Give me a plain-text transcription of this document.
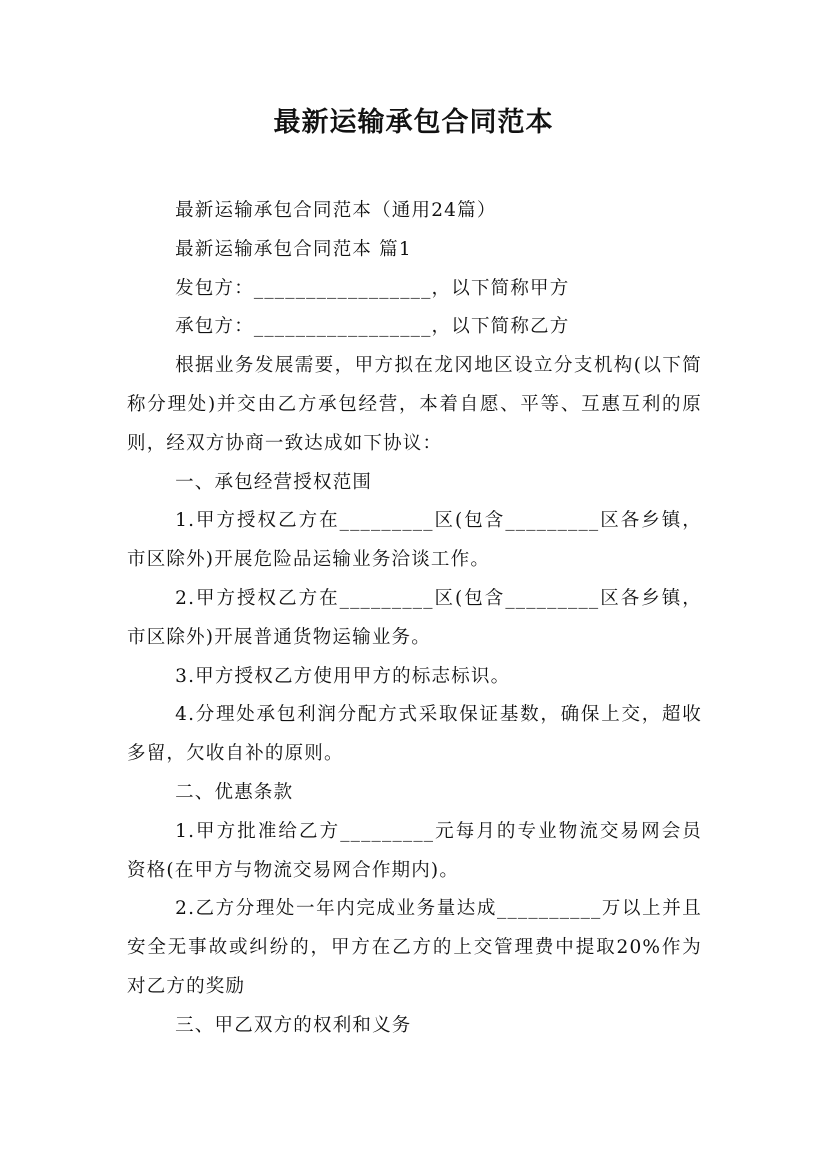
最新运输承包合同范本

最新运输承包合同范本（通用24篇）

最新运输承包合同范本 篇1

发包方：_________________，以下简称甲方

承包方：_________________，以下简称乙方

根据业务发展需要，甲方拟在龙冈地区设立分支机构(以下简称分理处)并交由乙方承包经营，本着自愿、平等、互惠互利的原则，经双方协商一致达成如下协议：

一、承包经营授权范围

1.甲方授权乙方在_________区(包含_________区各乡镇，市区除外)开展危险品运输业务洽谈工作。

2.甲方授权乙方在_________区(包含_________区各乡镇，市区除外)开展普通货物运输业务。

3.甲方授权乙方使用甲方的标志标识。

4.分理处承包利润分配方式采取保证基数，确保上交，超收多留，欠收自补的原则。

二、优惠条款

1.甲方批准给乙方_________元每月的专业物流交易网会员资格(在甲方与物流交易网合作期内)。

2.乙方分理处一年内完成业务量达成__________万以上并且安全无事故或纠纷的，甲方在乙方的上交管理费中提取20%作为对乙方的奖励

三、甲乙双方的权利和义务
